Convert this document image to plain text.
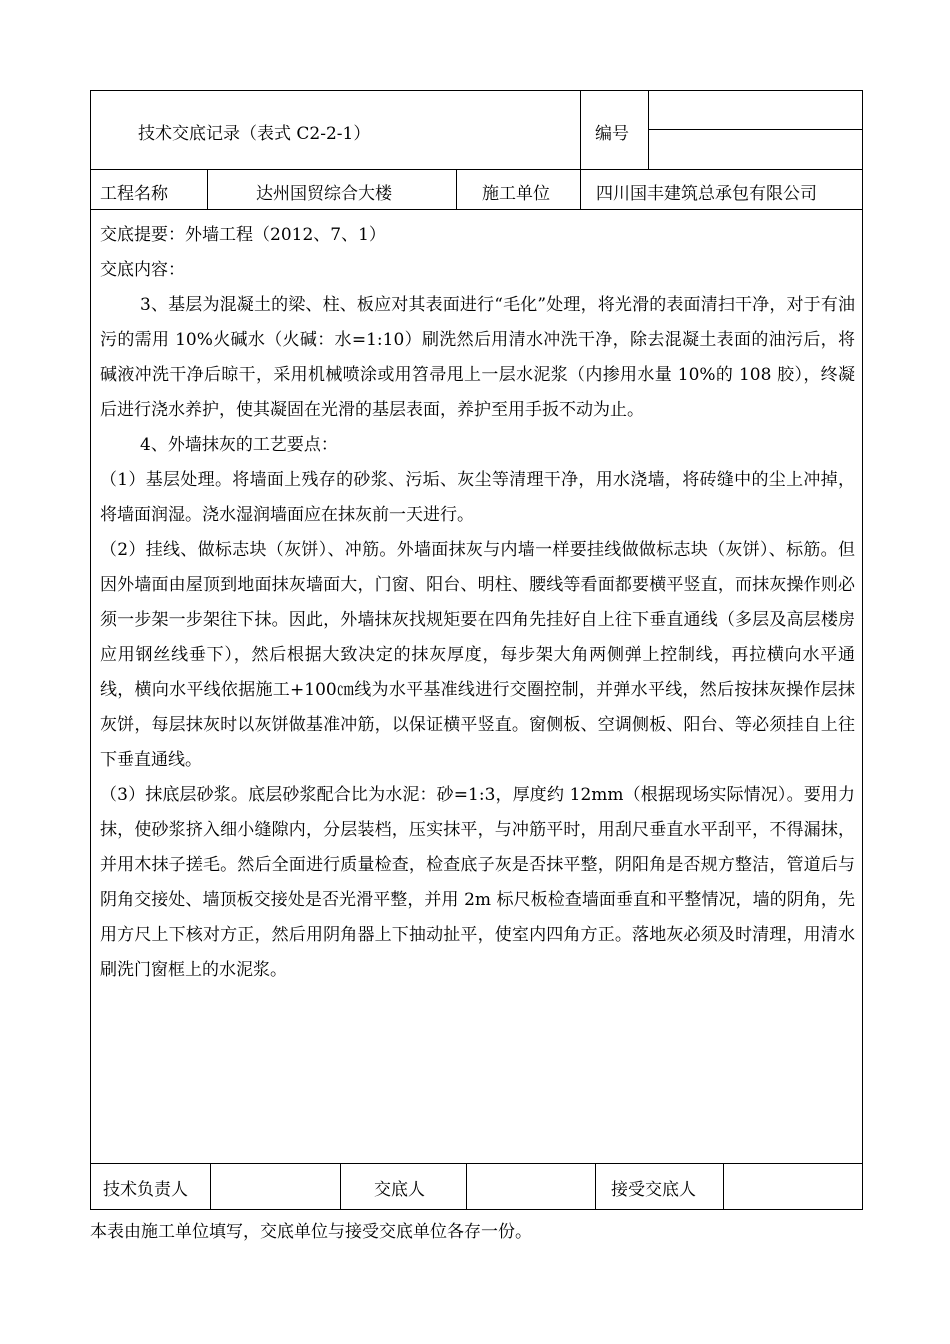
技术交底记录（表式 C2-2-1）	编号
工程名称	达州国贸综合大楼	施工单位	四川国丰建筑总承包有限公司
交底提要：外墙工程（2012、7、1）
交底内容：

3、基层为混凝土的梁、柱、板应对其表面进行“毛化”处理，将光滑的表面清扫干净，对于有油污的需用 10%火碱水（火碱：水=1:10）刷洗然后用清水冲洗干净，除去混凝土表面的油污后，将碱液冲洗干净后晾干，采用机械喷涂或用笤帚甩上一层水泥浆（内掺用水量 10%的 108 胶），终凝后进行浇水养护，使其凝固在光滑的基层表面，养护至用手扳不动为止。

4、外墙抹灰的工艺要点：

（1）基层处理。将墙面上残存的砂浆、污垢、灰尘等清理干净，用水浇墙，将砖缝中的尘上冲掉，将墙面润湿。浇水湿润墙面应在抹灰前一天进行。

（2）挂线、做标志块（灰饼）、冲筋。外墙面抹灰与内墙一样要挂线做做标志块（灰饼）、标筋。但因外墙面由屋顶到地面抹灰墙面大，门窗、阳台、明柱、腰线等看面都要横平竖直，而抹灰操作则必须一步架一步架往下抹。因此，外墙抹灰找规矩要在四角先挂好自上往下垂直通线（多层及高层楼房应用钢丝线垂下），然后根据大致决定的抹灰厚度，每步架大角两侧弹上控制线，再拉横向水平通线，横向水平线依据施工+100㎝线为水平基准线进行交圈控制，并弹水平线，然后按抹灰操作层抹灰饼，每层抹灰时以灰饼做基准冲筋，以保证横平竖直。窗侧板、空调侧板、阳台、等必须挂自上往下垂直通线。

（3）抹底层砂浆。底层砂浆配合比为水泥：砂=1:3，厚度约 12mm（根据现场实际情况）。要用力抹，使砂浆挤入细小缝隙内，分层装档，压实抹平，与冲筋平时，用刮尺垂直水平刮平，不得漏抹，并用木抹子搓毛。然后全面进行质量检查，检查底子灰是否抹平整，阴阳角是否规方整洁，管道后与阴角交接处、墙顶板交接处是否光滑平整，并用 2m 标尺板检查墙面垂直和平整情况，墙的阴角，先用方尺上下核对方正，然后用阴角器上下抽动扯平，使室内四角方正。落地灰必须及时清理，用清水刷洗门窗框上的水泥浆。

技术负责人	交底人	接受交底人
本表由施工单位填写，交底单位与接受交底单位各存一份。
